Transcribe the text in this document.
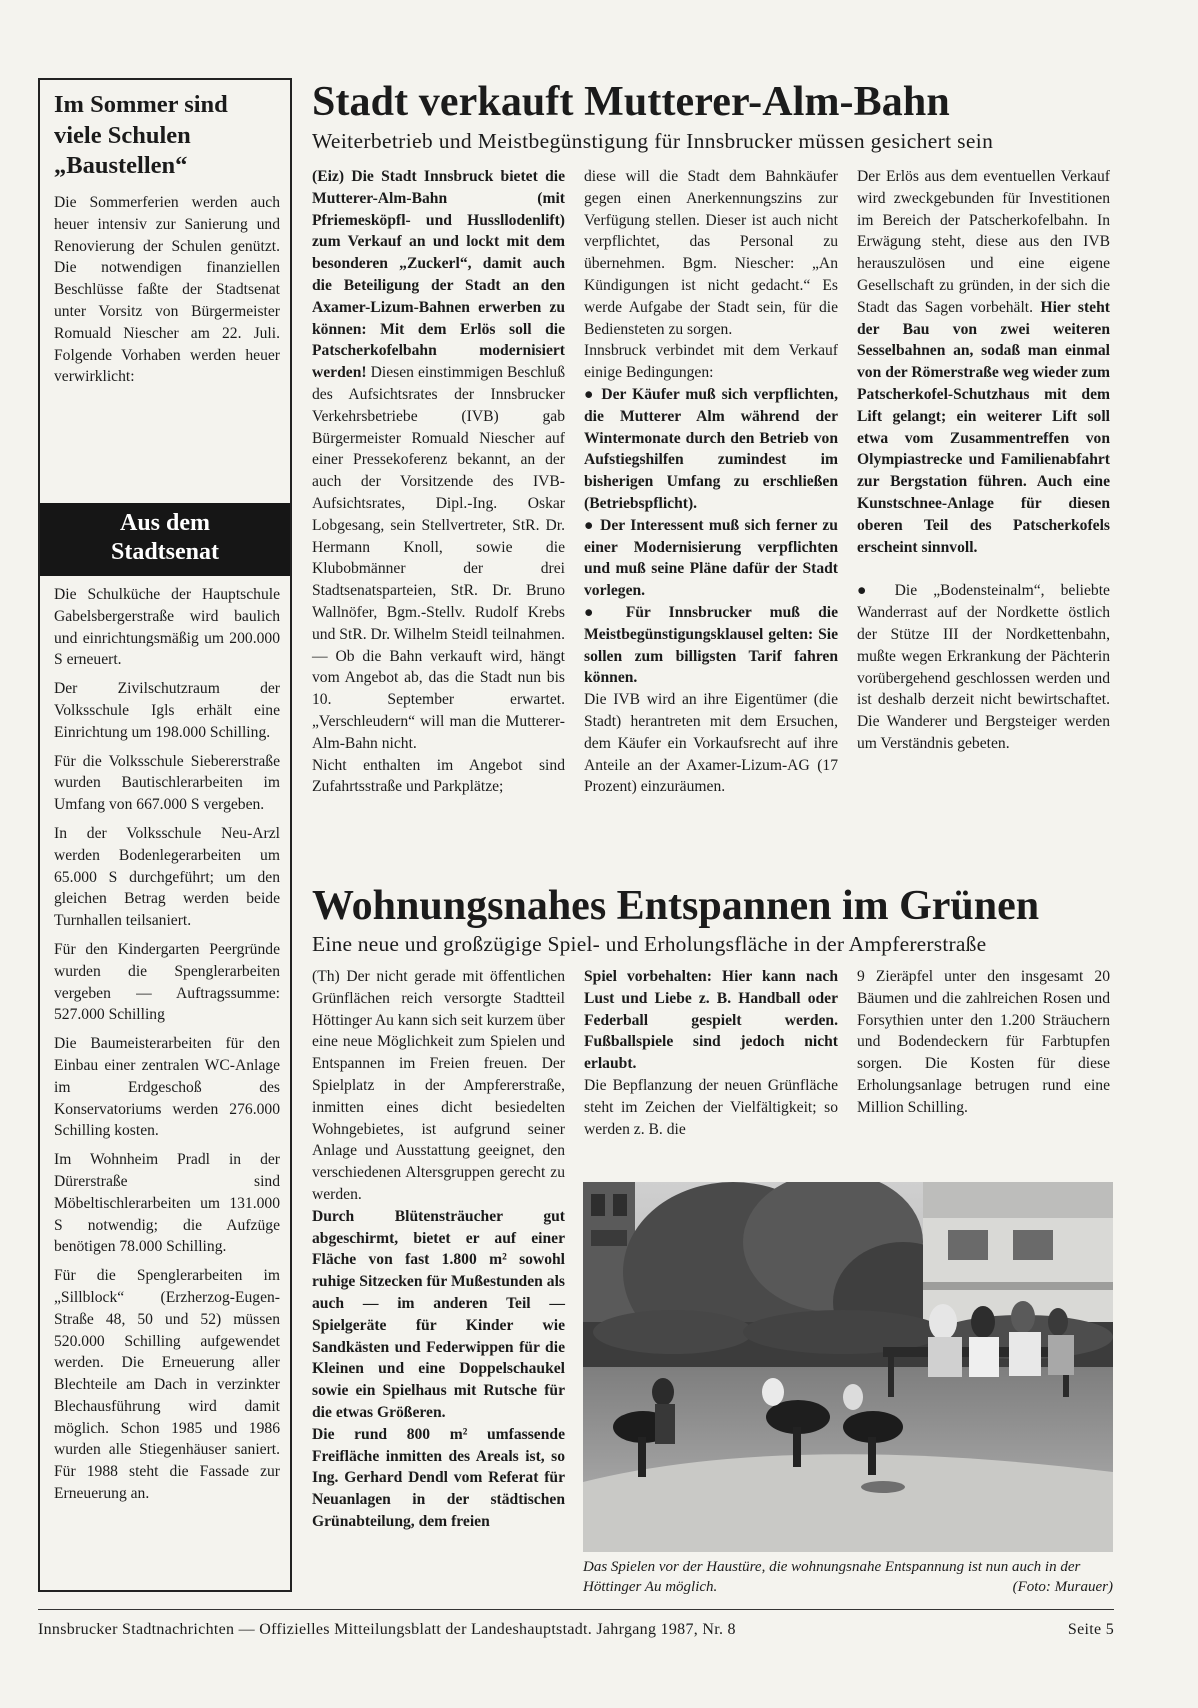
Im Sommer sind
viele Schulen
„Baustellen“

Die Sommerferien werden auch heuer intensiv zur Sanierung und Renovierung der Schulen genützt. Die notwendigen finanziellen Beschlüsse faßte der Stadtsenat unter Vorsitz von Bürgermeister Romuald Niescher am 22. Juli. Folgende Vorhaben werden heuer verwirklicht:

Aus dem
Stadtsenat

Die Schulküche der Hauptschule Gabelsbergerstraße wird baulich und einrichtungsmäßig um 200.000 S erneuert.

Der Zivilschutzraum der Volksschule Igls erhält eine Einrichtung um 198.000 Schilling.

Für die Volksschule Siebererstraße wurden Bautischlerarbeiten im Umfang von 667.000 S vergeben.

In der Volksschule Neu-Arzl werden Bodenlegerarbeiten um 65.000 S durchgeführt; um den gleichen Betrag werden beide Turnhallen teilsaniert.

Für den Kindergarten Peergründe wurden die Spenglerarbeiten vergeben — Auftragssumme: 527.000 Schilling

Die Baumeisterarbeiten für den Einbau einer zentralen WC-Anlage im Erdgeschoß des Konservatoriums werden 276.000 Schilling kosten.

Im Wohnheim Pradl in der Dürerstraße sind Möbeltischlerarbeiten um 131.000 S notwendig; die Aufzüge benötigen 78.000 Schilling.

Für die Spenglerarbeiten im „Sillblock“ (Erzherzog-Eugen-Straße 48, 50 und 52) müssen 520.000 Schilling aufgewendet werden. Die Erneuerung aller Blechteile am Dach in verzinkter Blechausführung wird damit möglich. Schon 1985 und 1986 wurden alle Stiegenhäuser saniert. Für 1988 steht die Fassade zur Erneuerung an.

Stadt verkauft Mutterer-Alm-Bahn
Weiterbetrieb und Meistbegünstigung für Innsbrucker müssen gesichert sein

(Eiz) Die Stadt Innsbruck bietet die Mutterer-Alm-Bahn (mit Pfriemesköpfl- und Hussllodenlift) zum Verkauf an und lockt mit dem besonderen „Zuckerl“, damit auch die Beteiligung der Stadt an den Axamer-Lizum-Bahnen erwerben zu können: Mit dem Erlös soll die Patscherkofelbahn modernisiert werden! Diesen einstimmigen Beschluß des Aufsichtsrates der Innsbrucker Verkehrsbetriebe (IVB) gab Bürgermeister Romuald Niescher auf einer Pressekoferenz bekannt, an der auch der Vorsitzende des IVB-Aufsichtsrates, Dipl.-Ing. Oskar Lobgesang, sein Stellvertreter, StR. Dr. Hermann Knoll, sowie die Klubobmänner der drei Stadtsenatsparteien, StR. Dr. Bruno Wallnöfer, Bgm.-Stellv. Rudolf Krebs und StR. Dr. Wilhelm Steidl teilnahmen. — Ob die Bahn verkauft wird, hängt vom Angebot ab, das die Stadt nun bis 10. September erwartet. „Verschleudern“ will man die Mutterer-Alm-Bahn nicht.

Nicht enthalten im Angebot sind Zufahrtsstraße und Parkplätze;

diese will die Stadt dem Bahnkäufer gegen einen Anerkennungszins zur Verfügung stellen. Dieser ist auch nicht verpflichtet, das Personal zu übernehmen. Bgm. Niescher: „An Kündigungen ist nicht gedacht.“ Es werde Aufgabe der Stadt sein, für die Bediensteten zu sorgen.

Innsbruck verbindet mit dem Verkauf einige Bedingungen:

● Der Käufer muß sich verpflichten, die Mutterer Alm während der Wintermonate durch den Betrieb von Aufstiegshilfen zumindest im bisherigen Umfang zu erschließen (Betriebspflicht).

● Der Interessent muß sich ferner zu einer Modernisierung verpflichten und muß seine Pläne dafür der Stadt vorlegen.

● Für Innsbrucker muß die Meistbegünstigungsklausel gelten: Sie sollen zum billigsten Tarif fahren können.

Die IVB wird an ihre Eigentümer (die Stadt) herantreten mit dem Ersuchen, dem Käufer ein Vorkaufsrecht auf ihre Anteile an der Axamer-Lizum-AG (17 Prozent) einzuräumen.

Der Erlös aus dem eventuellen Verkauf wird zweckgebunden für Investitionen im Bereich der Patscherkofelbahn. In Erwägung steht, diese aus den IVB herauszulösen und eine eigene Gesellschaft zu gründen, in der sich die Stadt das Sagen vorbehält. Hier steht der Bau von zwei weiteren Sesselbahnen an, sodaß man einmal von der Römerstraße weg wieder zum Patscherkofel-Schutzhaus mit dem Lift gelangt; ein weiterer Lift soll etwa vom Zusammentreffen von Olympiastrecke und Familienabfahrt zur Bergstation führen. Auch eine Kunstschnee-Anlage für diesen oberen Teil des Patscherkofels erscheint sinnvoll.

● Die „Bodensteinalm“, beliebte Wanderrast auf der Nordkette östlich der Stütze III der Nordkettenbahn, mußte wegen Erkrankung der Pächterin vorübergehend geschlossen werden und ist deshalb derzeit nicht bewirtschaftet. Die Wanderer und Bergsteiger werden um Verständnis gebeten.

Wohnungsnahes Entspannen im Grünen
Eine neue und großzügige Spiel- und Erholungsfläche in der Ampfererstraße

(Th) Der nicht gerade mit öffentlichen Grünflächen reich versorgte Stadtteil Höttinger Au kann sich seit kurzem über eine neue Möglichkeit zum Spielen und Entspannen im Freien freuen. Der Spielplatz in der Ampfererstraße, inmitten eines dicht besiedelten Wohngebietes, ist aufgrund seiner Anlage und Ausstattung geeignet, den verschiedenen Altersgruppen gerecht zu werden.

Durch Blütensträucher gut abgeschirmt, bietet er auf einer Fläche von fast 1.800 m² sowohl ruhige Sitzecken für Mußestunden als auch — im anderen Teil — Spielgeräte für Kinder wie Sandkästen und Federwippen für die Kleinen und eine Doppelschaukel sowie ein Spielhaus mit Rutsche für die etwas Größeren.

Die rund 800 m² umfassende Freifläche inmitten des Areals ist, so Ing. Gerhard Dendl vom Referat für Neuanlagen in der städtischen Grünabteilung, dem freien

Spiel vorbehalten: Hier kann nach Lust und Liebe z. B. Handball oder Federball gespielt werden. Fußballspiele sind jedoch nicht erlaubt.

Die Bepflanzung der neuen Grünfläche steht im Zeichen der Vielfältigkeit; so werden z. B. die

9 Zieräpfel unter den insgesamt 20 Bäumen und die zahlreichen Rosen und Forsythien unter den 1.200 Sträuchern und Bodendeckern für Farbtupfen sorgen. Die Kosten für diese Erholungsanlage betrugen rund eine Million Schilling.

Das Spielen vor der Haustüre, die wohnungsnahe Entspannung ist nun auch in der Höttinger Au möglich.	(Foto: Murauer)
Innsbrucker Stadtnachrichten — Offizielles Mitteilungsblatt der Landeshauptstadt. Jahrgang 1987, Nr. 8	Seite 5
